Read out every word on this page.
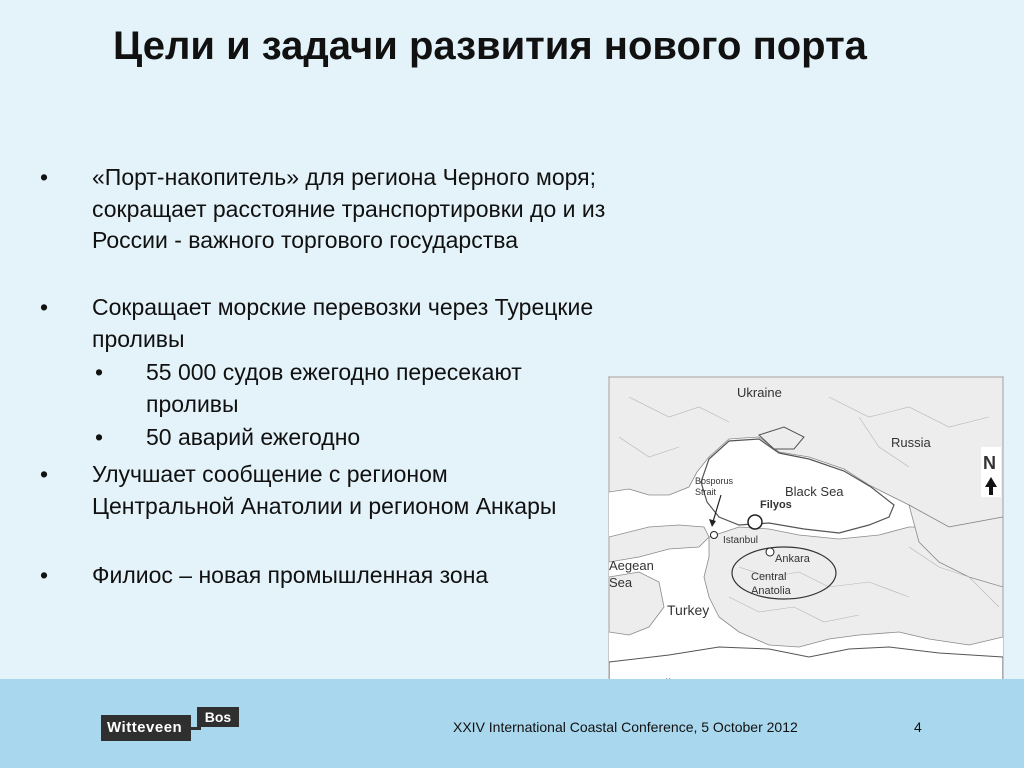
Цели и задачи развития нового порта
• «Порт-накопитель» для региона Черного моря; сокращает расстояние транспортировки до и из России - важного торгового государства
• Сокращает морские перевозки через Турецкие проливы
• 55 000 судов ежегодно пересекают проливы
• 50 аварий ежегодно
• Улучшает сообщение с регионом Центральной Анатолии и регионом Анкары
• Филиос – новая промышленная зона
Ukraine
Russia
Black Sea
Filyos
Bosporus
Strait
Istanbul
Ankara
Central
Anatolia
Aegean
Sea
Turkey
N
Witteveen
Bos
XXIV International Coastal Conference, 5 October 2012	4
